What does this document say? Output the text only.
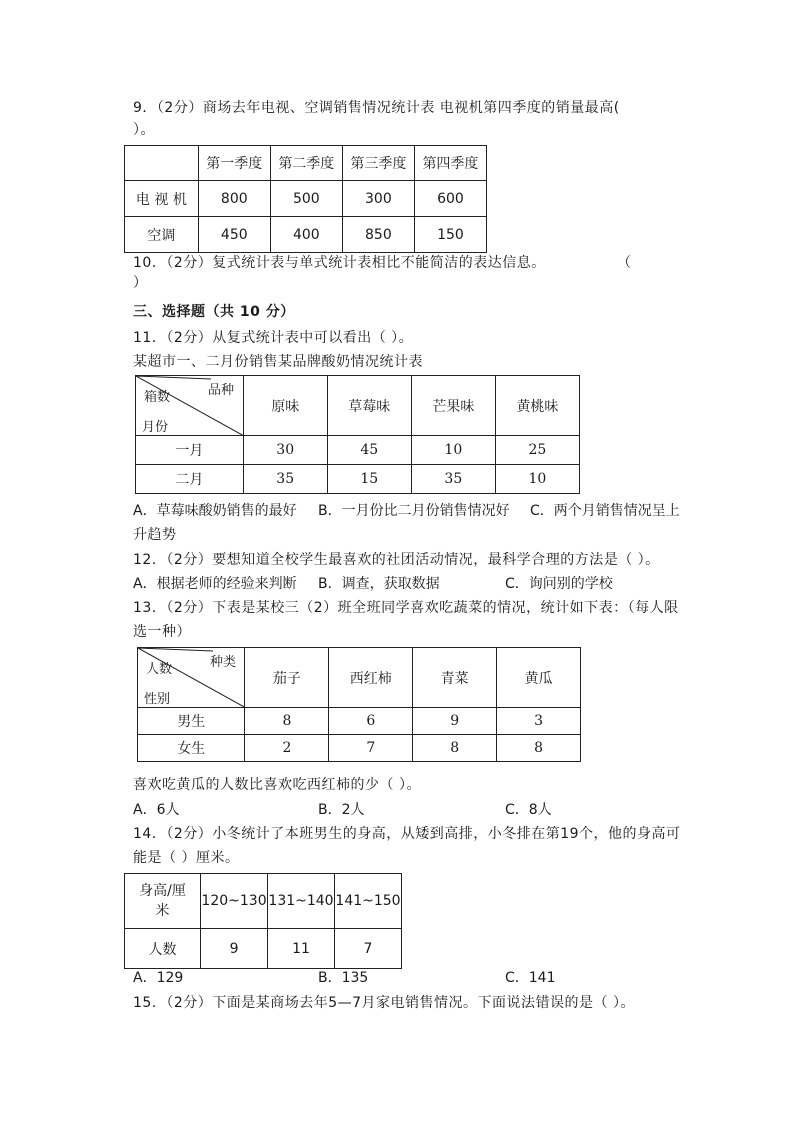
9．（2分）商场去年电视、空调销售情况统计表 电视机第四季度的销量最高(
）。
	第一季度	第二季度	第三季度	第四季度
电 视 机	800	500	300	600
空调	450	400	850	150
10．（2分）复式统计表与单式统计表相比不能简洁的表达信息。	（
）
三、选择题（共 10 分）
11．（2分）从复式统计表中可以看出（ ）。
某超市一、二月份销售某品牌酸奶情况统计表
品种
箱数
月份	原味	草莓味	芒果味	黄桃味
一月	30	45	10	25
二月	35	15	35	10
A．草莓味酸奶销售的最好 B．一月份比二月份销售情况好 C．两个月销售情况呈上
升趋势
12．（2分）要想知道全校学生最喜欢的社团活动情况，最科学合理的方法是（ ）。
A．根据老师的经验来判断 B．调查，获取数据	C．询问别的学校
13．（2分）下表是某校三（2）班全班同学喜欢吃蔬菜的情况，统计如下表：（每人限
选一种）
种类
人数
性别	茄子	西红柿	青菜	黄瓜
男生	8	6	9	3
女生	2	7	8	8
喜欢吃黄瓜的人数比喜欢吃西红柿的少（ ）。
A．6人	B．2人	C．8人
14．（2分）小冬统计了本班男生的身高，从矮到高排，小冬排在第19个，他的身高可
能是（ ）厘米。
身高/厘
米	120~130	131~140	141~150
人数	9	11	7
A．129	B．135	C．141
15．（2分）下面是某商场去年5—7月家电销售情况。下面说法错误的是（ ）。
